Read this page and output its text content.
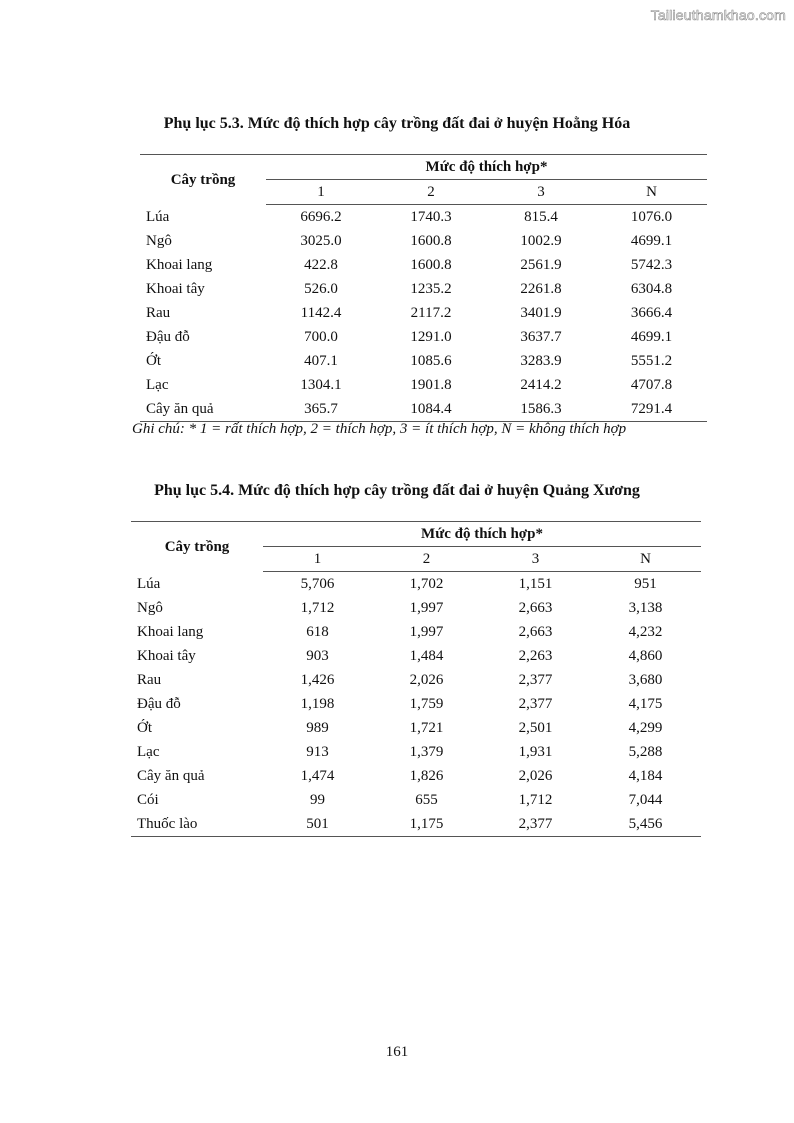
Tailieuthamkhao.com
Phụ lục 5.3. Mức độ thích hợp cây trồng đất đai ở huyện Hoằng Hóa
Cây trồng	Mức độ thích hợp*			
	1	2	3	N
Lúa	6696.2	1740.3	815.4	1076.0
Ngô	3025.0	1600.8	1002.9	4699.1
Khoai lang	422.8	1600.8	2561.9	5742.3
Khoai tây	526.0	1235.2	2261.8	6304.8
Rau	1142.4	2117.2	3401.9	3666.4
Đậu đỗ	700.0	1291.0	3637.7	4699.1
Ớt	407.1	1085.6	3283.9	5551.2
Lạc	1304.1	1901.8	2414.2	4707.8
Cây ăn quả	365.7	1084.4	1586.3	7291.4
Ghi chú: * 1 = rất thích hợp, 2 = thích hợp, 3 = ít thích hợp, N = không thích hợp
Phụ lục 5.4. Mức độ thích hợp cây trồng đất đai ở huyện Quảng Xương
Cây trồng	Mức độ thích hợp*			
	1	2	3	N
Lúa	5,706	1,702	1,151	951
Ngô	1,712	1,997	2,663	3,138
Khoai lang	618	1,997	2,663	4,232
Khoai tây	903	1,484	2,263	4,860
Rau	1,426	2,026	2,377	3,680
Đậu đỗ	1,198	1,759	2,377	4,175
Ớt	989	1,721	2,501	4,299
Lạc	913	1,379	1,931	5,288
Cây ăn quả	1,474	1,826	2,026	4,184
Cói	99	655	1,712	7,044
Thuốc lào	501	1,175	2,377	5,456
161
